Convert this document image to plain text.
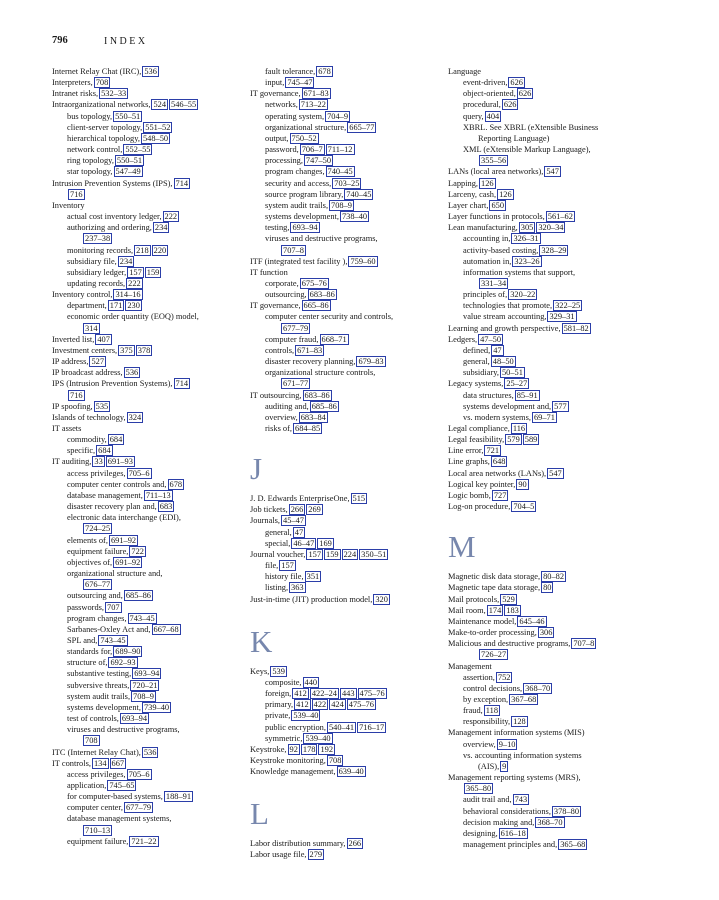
796	INDEX
Internet Relay Chat (IRC), 536
Interpreters, 708
Intranet risks, 532–33
Intraorganizational networks, 524 546–55
bus topology, 550–51
client-server topology, 551–52
hierarchical topology, 548–50
network control, 552–55
ring topology, 550–51
star topology, 547–49
Intrusion Prevention Systems (IPS), 714
716
Inventory
actual cost inventory ledger, 222
authorizing and ordering, 234
237–38
monitoring records, 218 220
subsidiary file, 234
subsidiary ledger, 157 159
updating records, 222
Inventory control, 314–16
department, 171 230
economic order quantity (EOQ) model,
314
Inverted list, 407
Investment centers, 375 378
IP address, 527
IP broadcast address, 536
IPS (Intrusion Prevention Systems), 714
716
IP spoofing, 535
Islands of technology, 324
IT assets
commodity, 684
specific, 684
IT auditing, 33 691–93
access privileges, 705–6
computer center controls and, 678
database management, 711–13
disaster recovery plan and, 683
electronic data interchange (EDI),
724–25
elements of, 691–92
equipment failure, 722
objectives of, 691–92
organizational structure and,
676–77
outsourcing and, 685–86
passwords, 707
program changes, 743–45
Sarbanes-Oxley Act and, 667–68
SPL and, 743–45
standards for, 689–90
structure of, 692–93
substantive testing, 693–94
subversive threats, 720–21
system audit trails, 708–9
systems development, 739–40
test of controls, 693–94
viruses and destructive programs,
708
ITC (Internet Relay Chat), 536
IT controls, 134 667
access privileges, 705–6
application, 745–65
for computer-based systems, 188–91
computer center, 677–79
database management systems,
710–13
equipment failure, 721–22
fault tolerance, 678
input, 745–47
IT governance, 671–83
networks, 713–22
operating system, 704–9
organizational structure, 665–77
output, 750–52
password, 706–7 711–12
processing, 747–50
program changes, 740–45
security and access, 703–25
source program library, 740–45
system audit trails, 708–9
systems development, 738–40
testing, 693–94
viruses and destructive programs,
707–8
ITF (integrated test facility ), 759–60
IT function
corporate, 675–76
outsourcing, 683–86
IT governance, 665–86
computer center security and controls,
677–79
computer fraud, 668–71
controls, 671–83
disaster recovery planning, 679–83
organizational structure controls,
671–77
IT outsourcing, 683–86
auditing and, 685–86
overview, 683–84
risks of, 684–85
J
J. D. Edwards EnterpriseOne, 515
Job tickets, 266 269
Journals, 45–47
general, 47
special, 46–47 169
Journal voucher, 157 159 224 350–51
file, 157
history file, 351
listing, 363
Just-in-time (JIT) production model, 320
K
Keys, 539
composite, 440
foreign, 412 422–24 443 475–76
primary, 412 422 424 475–76
private, 539–40
public encryption, 540–41 716–17
symmetric, 539–40
Keystroke, 92 178 192
Keystroke monitoring, 708
Knowledge management, 639–40
L
Labor distribution summary, 266
Labor usage file, 279
Language
event-driven, 626
object-oriented, 626
procedural, 626
query, 404
XBRL. See XBRL (eXtensible Business
Reporting Language)
XML (eXtensible Markup Language),
355–56
LANs (local area networks), 547
Lapping, 126
Larceny, cash, 126
Layer chart, 650
Layer functions in protocols, 561–62
Lean manufacturing, 305 320–34
accounting in, 326–31
activity-based costing, 328–29
automation in, 323–26
information systems that support,
331–34
principles of, 320–22
technologies that promote, 322–25
value stream accounting, 329–31
Learning and growth perspective, 581–82
Ledgers, 47–50
defined, 47
general, 48–50
subsidiary, 50–51
Legacy systems, 25–27
data structures, 85–91
systems development and, 577
vs. modern systems, 69–71
Legal compliance, 116
Legal feasibility, 579 589
Line error, 721
Line graphs, 648
Local area networks (LANs), 547
Logical key pointer, 90
Logic bomb, 727
Log-on procedure, 704–5
M
Magnetic disk data storage, 80–82
Magnetic tape data storage, 80
Mail protocols, 529
Mail room, 174 183
Maintenance model, 645–46
Make-to-order processing, 306
Malicious and destructive programs, 707–8
726–27
Management
assertion, 752
control decisions, 368–70
by exception, 367–68
fraud, 118
responsibility, 128
Management information systems (MIS)
overview, 9–10
vs. accounting information systems
(AIS), 9
Management reporting systems (MRS),
365–80
audit trail and, 743
behavioral considerations, 378–80
decision making and, 368–70
designing, 616–18
management principles and, 365–68
